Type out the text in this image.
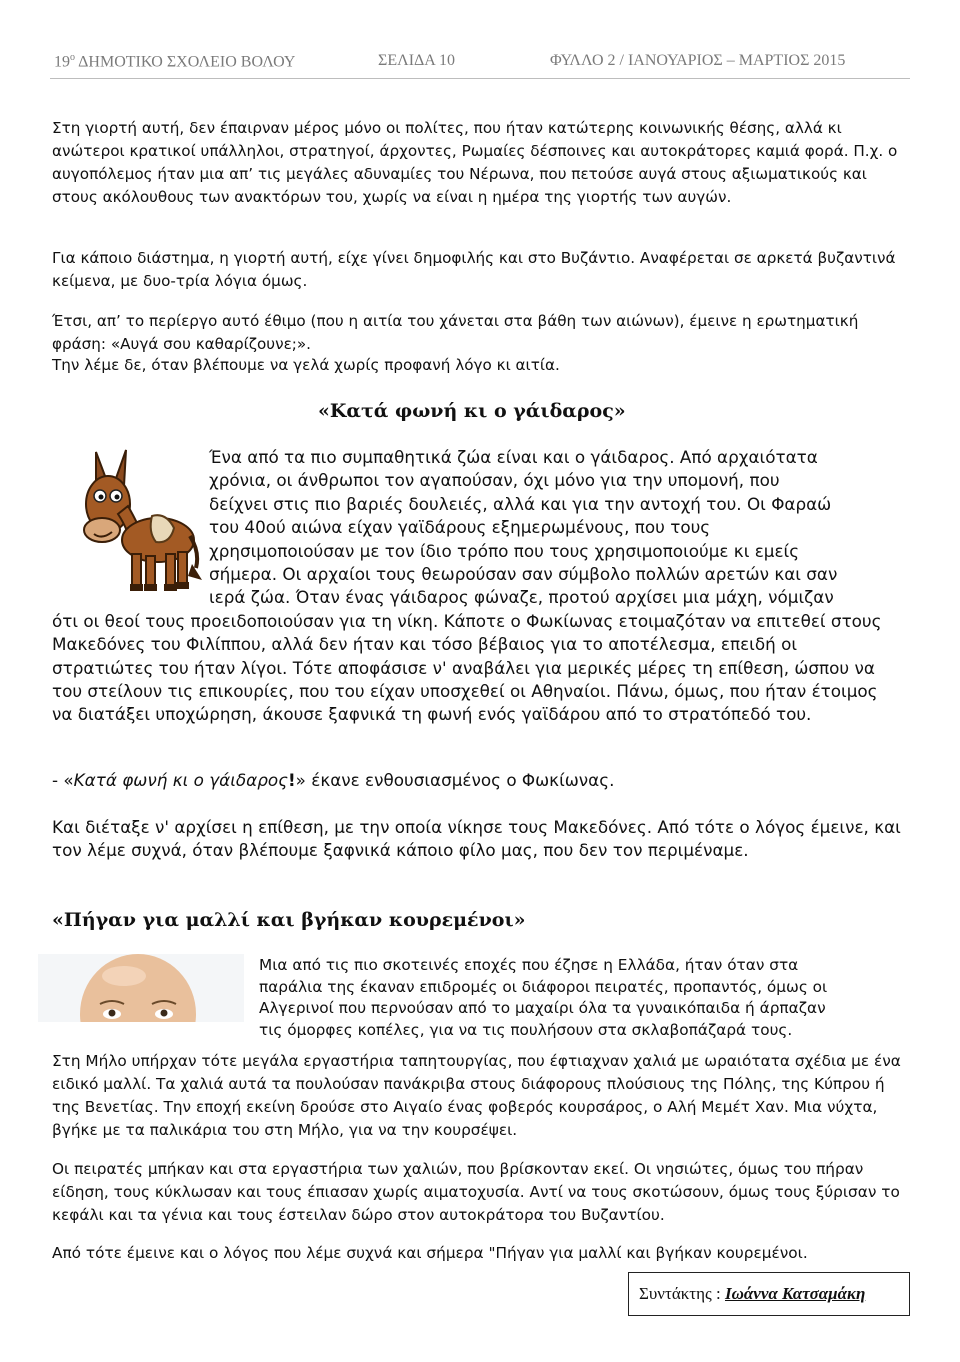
$19^o$ ΔΗΜΟΤΙΚΟ ΣΧΟΛΕΙΟ ΒΟΛΟΥ	ΣΕΛΙΔΑ 10	ΦΥΛΛΟ 2 / ΙΑΝΟΥΑΡΙΟΣ – ΜΑΡΤΙΟΣ 2015

Στη γιορτή αυτή, δεν έπαιρναν μέρος μόνο οι πολίτες, που ήταν κατώτερης κοινωνικής θέσης, αλλά κι ανώτεροι κρατικοί υπάλληλοι, στρατηγοί, άρχοντες, Ρωμαίες δέσποινες και αυτοκράτορες καμιά φορά. Π.χ. ο αυγοπόλεμος ήταν μια απ’ τις μεγάλες αδυναμίες του Νέρωνα, που πετούσε αυγά στους αξιωματικούς και στους ακόλουθους των ανακτόρων του, χωρίς να είναι η ημέρα της γιορτής των αυγών.

Για κάποιο διάστημα, η γιορτή αυτή, είχε γίνει δημοφιλής και στο Βυζάντιο. Αναφέρεται σε αρκετά βυζαντινά κείμενα, με δυο-τρία λόγια όμως.

Έτσι, απ’ το περίεργο αυτό έθιμο (που η αιτία του χάνεται στα βάθη των αιώνων), έμεινε η ερωτηματική φράση: «Αυγά σου καθαρίζουνε;».

Την λέμε δε, όταν βλέπουμε να γελά χωρίς προφανή λόγο κι αιτία.

«Κατά φωνή κι ο γάιδαρος»

Ένα από τα πιο συμπαθητικά ζώα είναι και ο γάιδαρος. Από αρχαιότατα

χρόνια, οι άνθρωποι τον αγαπούσαν, όχι μόνο για την υπομονή, που

δείχνει στις πιο βαριές δουλειές, αλλά και για την αντοχή του. Οι Φαραώ

του 40ού αιώνα είχαν γαϊδάρους εξημερωμένους, που τους

χρησιμοποιούσαν με τον ίδιο τρόπο που τους χρησιμοποιούμε κι εμείς

σήμερα. Οι αρχαίοι τους θεωρούσαν σαν σύμβολο πολλών αρετών και σαν

ιερά ζώα. Όταν ένας γάιδαρος φώναζε, προτού αρχίσει μια μάχη, νόμιζαν

ότι οι θεοί τους προειδοποιούσαν για τη νίκη. Κάποτε ο Φωκίωνας ετοιμαζόταν να επιτεθεί στους Μακεδόνες του Φιλίππου, αλλά δεν ήταν και τόσο βέβαιος για το αποτέλεσμα, επειδή οι στρατιώτες του ήταν λίγοι. Τότε αποφάσισε ν' αναβάλει για μερικές μέρες τη επίθεση, ώσπου να του στείλουν τις επικουρίες, που του είχαν υποσχεθεί οι Αθηναίοι. Πάνω, όμως, που ήταν έτοιμος να διατάξει υποχώρηση, άκουσε ξαφνικά τη φωνή ενός γαϊδάρου από το στρατόπεδό του.

- «Κατά φωνή κι ο γάιδαρος!» έκανε ενθουσιασμένος ο Φωκίωνας.

Και διέταξε ν' αρχίσει η επίθεση, με την οποία νίκησε τους Μακεδόνες. Από τότε ο λόγος έμεινε, και τον λέμε συχνά, όταν βλέπουμε ξαφνικά κάποιο φίλο μας, που δεν τον περιμέναμε.

«Πήγαν για μαλλί και βγήκαν κουρεμένοι»

Μια από τις πιο σκοτεινές εποχές που έζησε η Ελλάδα, ήταν όταν στα

παράλια της έκαναν επιδρομές οι διάφοροι πειρατές, προπαντός, όμως οι

Αλγερινοί που περνούσαν από το μαχαίρι όλα τα γυναικόπαιδα ή άρπαζαν

τις όμορφες κοπέλες, για να τις πουλήσουν στα σκλαβοπάζαρά τους.

Στη Μήλο υπήρχαν τότε μεγάλα εργαστήρια ταπητουργίας, που έφτιαχναν χαλιά με ωραιότατα σχέδια με ένα ειδικό μαλλί. Τα χαλιά αυτά τα πουλούσαν πανάκριβα στους διάφορους πλούσιους της Πόλης, της Κύπρου ή της Βενετίας. Την εποχή εκείνη δρούσε στο Αιγαίο ένας φοβερός κουρσάρος, ο Αλή Μεμέτ Χαν. Μια νύχτα, βγήκε με τα παλικάρια του στη Μήλο, για να την κουρσέψει.

Οι πειρατές μπήκαν και στα εργαστήρια των χαλιών, που βρίσκονταν εκεί. Οι νησιώτες, όμως του πήραν είδηση, τους κύκλωσαν και τους έπιασαν χωρίς αιματοχυσία. Αντί να τους σκοτώσουν, όμως τους ξύρισαν το κεφάλι και τα γένια και τους έστειλαν δώρο στον αυτοκράτορα του Βυζαντίου.

Από τότε έμεινε και ο λόγος που λέμε συχνά και σήμερα "Πήγαν για μαλλί και βγήκαν κουρεμένοι.

Συντάκτης : Ιωάννα Κατσαμάκη
